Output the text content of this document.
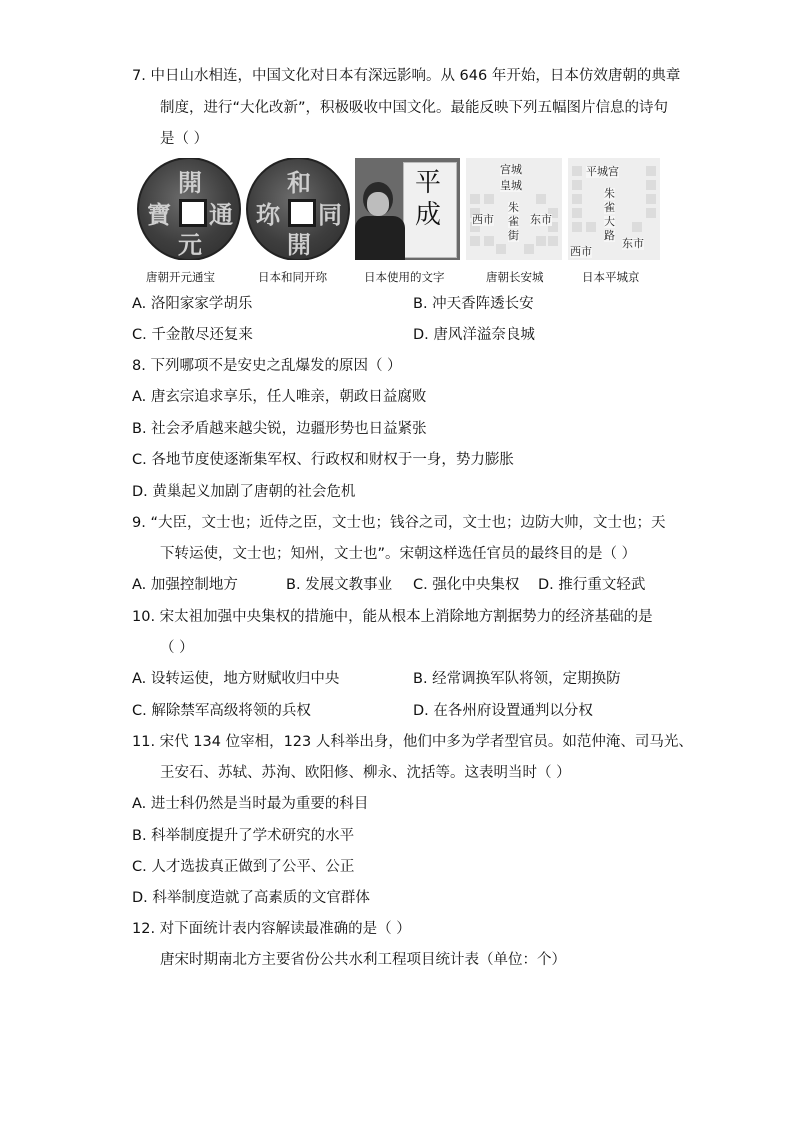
7. 中日山水相连，中国文化对日本有深远影响。从 646 年开始，日本仿效唐朝的典章
制度，进行“大化改新”，积极吸收中国文化。最能反映下列五幅图片信息的诗句
是（ ）
開
元
通
寶
和
同
開
珎
平
成
宫城
皇城
朱
雀
街
西市	东市
平城宫
朱
雀
大
路
西市
东市
唐朝开元通宝	日本和同开珎	日本使用的文字	唐朝长安城	日本平城京
A. 洛阳家家学胡乐	B. 冲天香阵透长安
C. 千金散尽还复来	D. 唐风洋溢奈良城
8. 下列哪项不是安史之乱爆发的原因（ ）
A. 唐玄宗追求享乐，任人唯亲，朝政日益腐败
B. 社会矛盾越来越尖锐，边疆形势也日益紧张
C. 各地节度使逐渐集军权、行政权和财权于一身，势力膨胀
D. 黄巢起义加剧了唐朝的社会危机
9. “大臣，文士也；近侍之臣，文士也；钱谷之司，文士也；边防大帅，文士也；天
下转运使，文士也；知州，文士也”。宋朝这样选任官员的最终目的是（ ）
A. 加强控制地方	B. 发展文教事业 C. 强化中央集权 D. 推行重文轻武
10. 宋太祖加强中央集权的措施中，能从根本上消除地方割据势力的经济基础的是
（ ）
A. 设转运使，地方财赋收归中央	B. 经常调换军队将领，定期换防
C. 解除禁军高级将领的兵权	D. 在各州府设置通判以分权
11. 宋代 134 位宰相，123 人科举出身，他们中多为学者型官员。如范仲淹、司马光、
王安石、苏轼、苏洵、欧阳修、柳永、沈括等。这表明当时（ ）
A. 进士科仍然是当时最为重要的科目
B. 科举制度提升了学术研究的水平
C. 人才选拔真正做到了公平、公正
D. 科举制度造就了高素质的文官群体
12. 对下面统计表内容解读最准确的是（ ）
唐宋时期南北方主要省份公共水利工程项目统计表（单位：个）
